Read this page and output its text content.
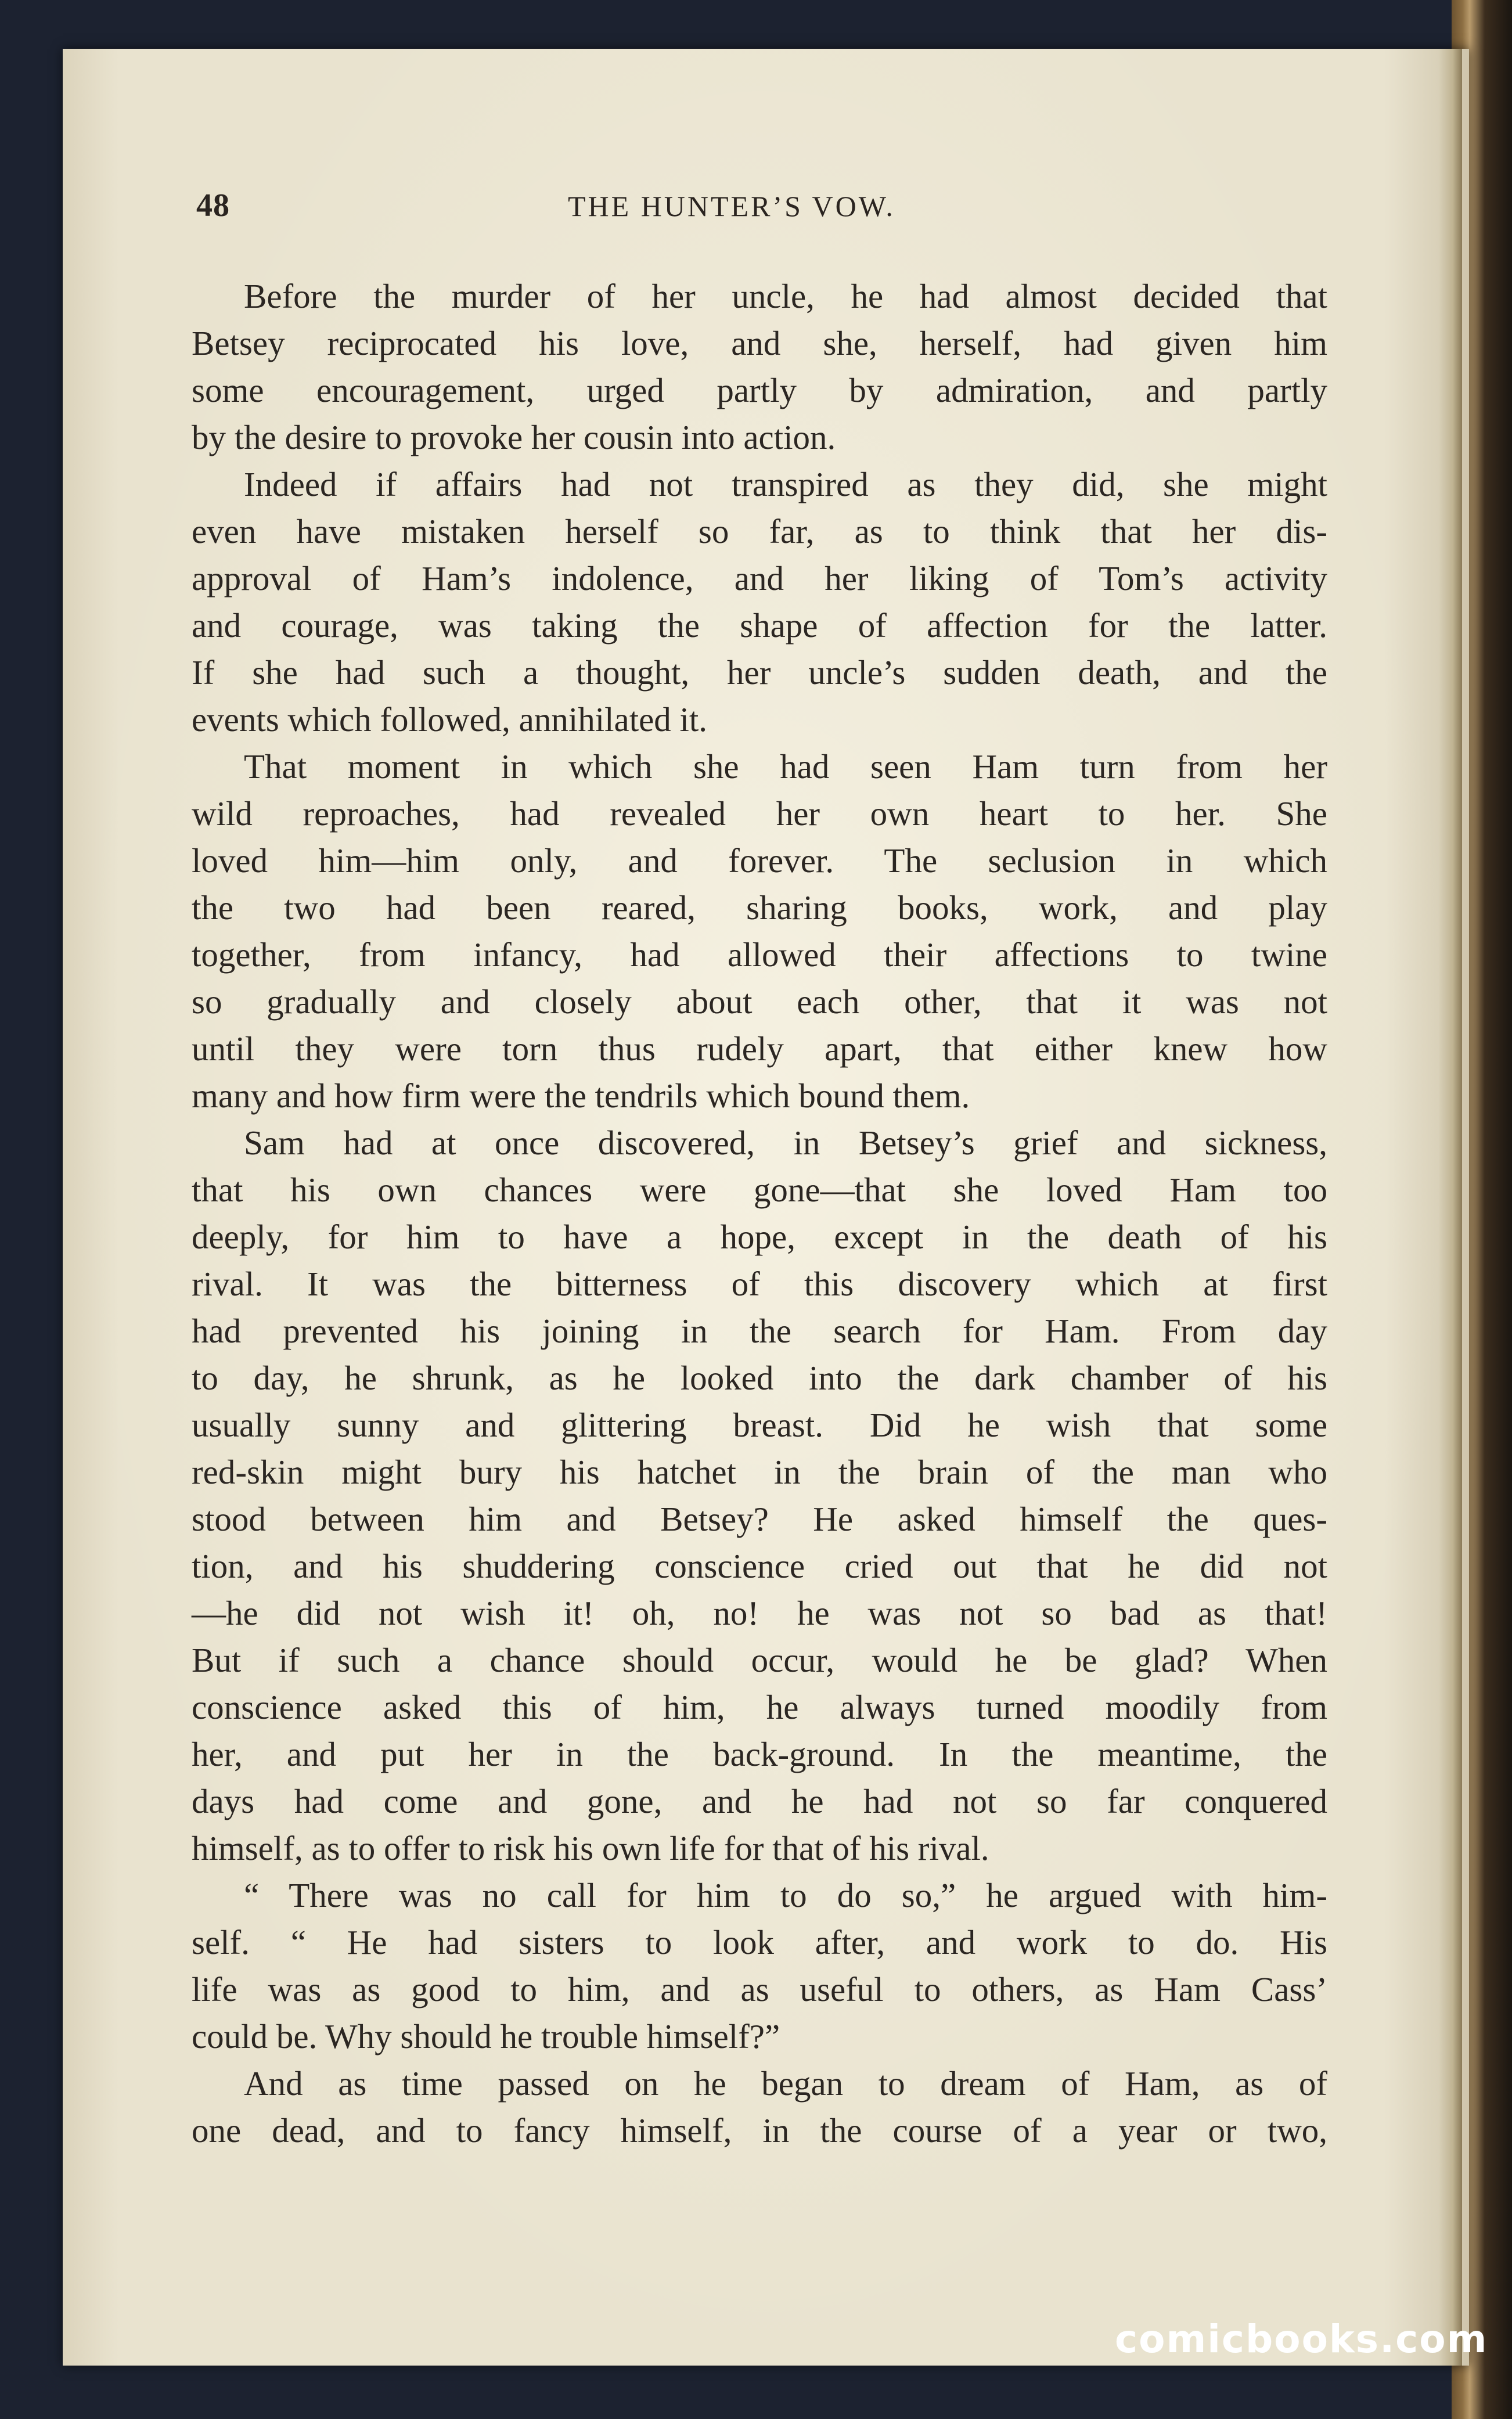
48	THE HUNTER’S VOW.
Before the murder of her uncle, he had almost decided that
Betsey reciprocated his love, and she, herself, had given him
some encouragement, urged partly by admiration, and partly
by the desire to provoke her cousin into action.
Indeed if affairs had not transpired as they did, she might
even have mistaken herself so far, as to think that her dis-
approval of Ham’s indolence, and her liking of Tom’s activity
and courage, was taking the shape of affection for the latter.
If she had such a thought, her uncle’s sudden death, and the
events which followed, annihilated it.
That moment in which she had seen Ham turn from her
wild reproaches, had revealed her own heart to her. She
loved him—him only, and forever. The seclusion in which
the two had been reared, sharing books, work, and play
together, from infancy, had allowed their affections to twine
so gradually and closely about each other, that it was not
until they were torn thus rudely apart, that either knew how
many and how firm were the tendrils which bound them.
Sam had at once discovered, in Betsey’s grief and sickness,
that his own chances were gone—that she loved Ham too
deeply, for him to have a hope, except in the death of his
rival. It was the bitterness of this discovery which at first
had prevented his joining in the search for Ham. From day
to day, he shrunk, as he looked into the dark chamber of his
usually sunny and glittering breast. Did he wish that some
red-skin might bury his hatchet in the brain of the man who
stood between him and Betsey? He asked himself the ques-
tion, and his shuddering conscience cried out that he did not
—he did not wish it! oh, no! he was not so bad as that!
But if such a chance should occur, would he be glad? When
conscience asked this of him, he always turned moodily from
her, and put her in the back-ground. In the meantime, the
days had come and gone, and he had not so far conquered
himself, as to offer to risk his own life for that of his rival.
“ There was no call for him to do so,” he argued with him-
self. “ He had sisters to look after, and work to do. His
life was as good to him, and as useful to others, as Ham Cass’
could be. Why should he trouble himself?”
And as time passed on he began to dream of Ham, as of
one dead, and to fancy himself, in the course of a year or two,
comicbooks.com
